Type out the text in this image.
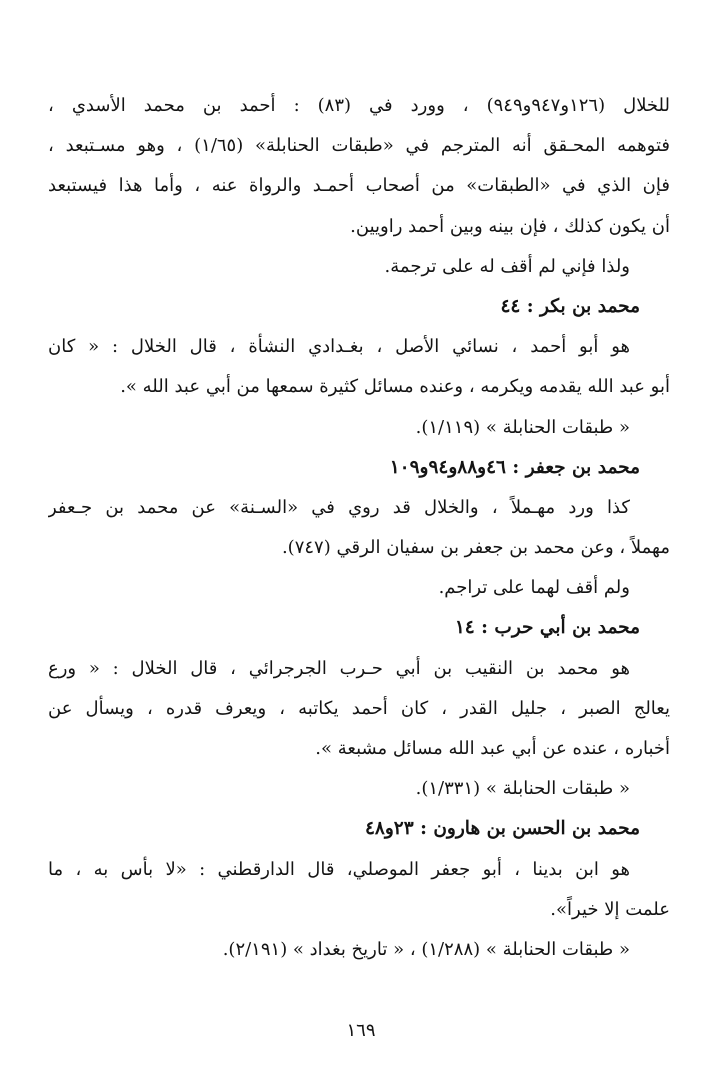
للخلال (١٢٦و٩٤٧و٩٤٩) ، وورد في (٨٣) : أحمد بن محمد الأسدي ،
فتوهمه المحـقق أنه المترجم في «طبقات الحنابلة» (١/٦٥) ، وهو مسـتبعد ،
فإن الذي في «الطبقات» من أصحاب أحمـد والرواة عنه ، وأما هذا فيستبعد
أن يكون كذلك ، فإن بينه وبين أحمد راويين.
ولذا فإني لم أقف له على ترجمة.
محمد بن بكر : ٤٤
هو أبو أحمد ، نسائي الأصل ، بغـدادي النشأة ، قال الخلال : « كان
أبو عبد الله يقدمه ويكرمه ، وعنده مسائل كثيرة سمعها من أبي عبد الله ».
« طبقات الحنابلة » (١/١١٩).
محمد بن جعفر : ٤٦و٨٨و٩٤و١٠٩
كذا ورد مهـملاً ، والخلال قد روي في «السـنة» عن محمد بن جـعفر
مهملاً ، وعن محمد بن جعفر بن سفيان الرقي (٧٤٧).
ولم أقف لهما على تراجم.
محمد بن أبي حرب : ١٤
هو محمد بن النقيب بن أبي حـرب الجرجرائي ، قال الخلال : « ورع
يعالج الصبر ، جليل القدر ، كان أحمد يكاتبه ، ويعرف قدره ، ويسأل عن
أخباره ، عنده عن أبي عبد الله مسائل مشبعة ».
« طبقات الحنابلة » (١/٣٣١).
محمد بن الحسن بن هارون : ٢٣و٤٨
هو ابن بدينا ، أبو جعفر الموصلي، قال الدارقطني : «لا بأس به ، ما
علمت إلا خيراً».
« طبقات الحنابلة » (١/٢٨٨) ، « تاريخ بغداد » (٢/١٩١).
١٦٩
